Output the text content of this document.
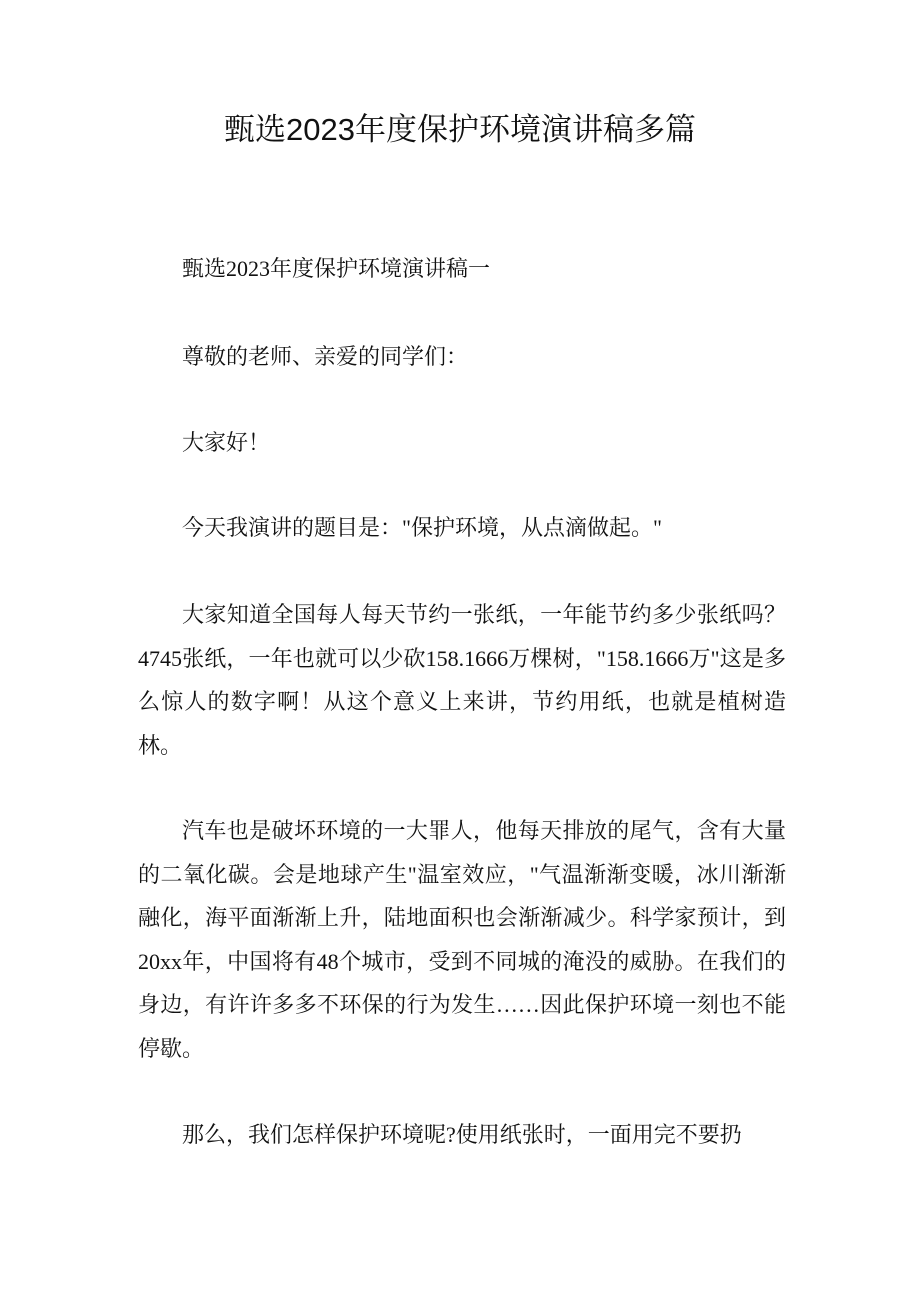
甄选2023年度保护环境演讲稿多篇

甄选2023年度保护环境演讲稿一

尊敬的老师、亲爱的同学们：

大家好！

今天我演讲的题目是："保护环境，从点滴做起。"

大家知道全国每人每天节约一张纸，一年能节约多少张纸吗？4745张纸，一年也就可以少砍158.1666万棵树，"158.1666万"这是多么惊人的数字啊！从这个意义上来讲，节约用纸，也就是植树造林。

汽车也是破坏环境的一大罪人，他每天排放的尾气，含有大量的二氧化碳。会是地球产生"温室效应，"气温渐渐变暖，冰川渐渐融化，海平面渐渐上升，陆地面积也会渐渐减少。科学家预计，到20xx年，中国将有48个城市，受到不同城的淹没的威胁。在我们的身边，有许许多多不环保的行为发生……因此保护环境一刻也不能停歇。

那么，我们怎样保护环境呢?使用纸张时，一面用完不要扔
